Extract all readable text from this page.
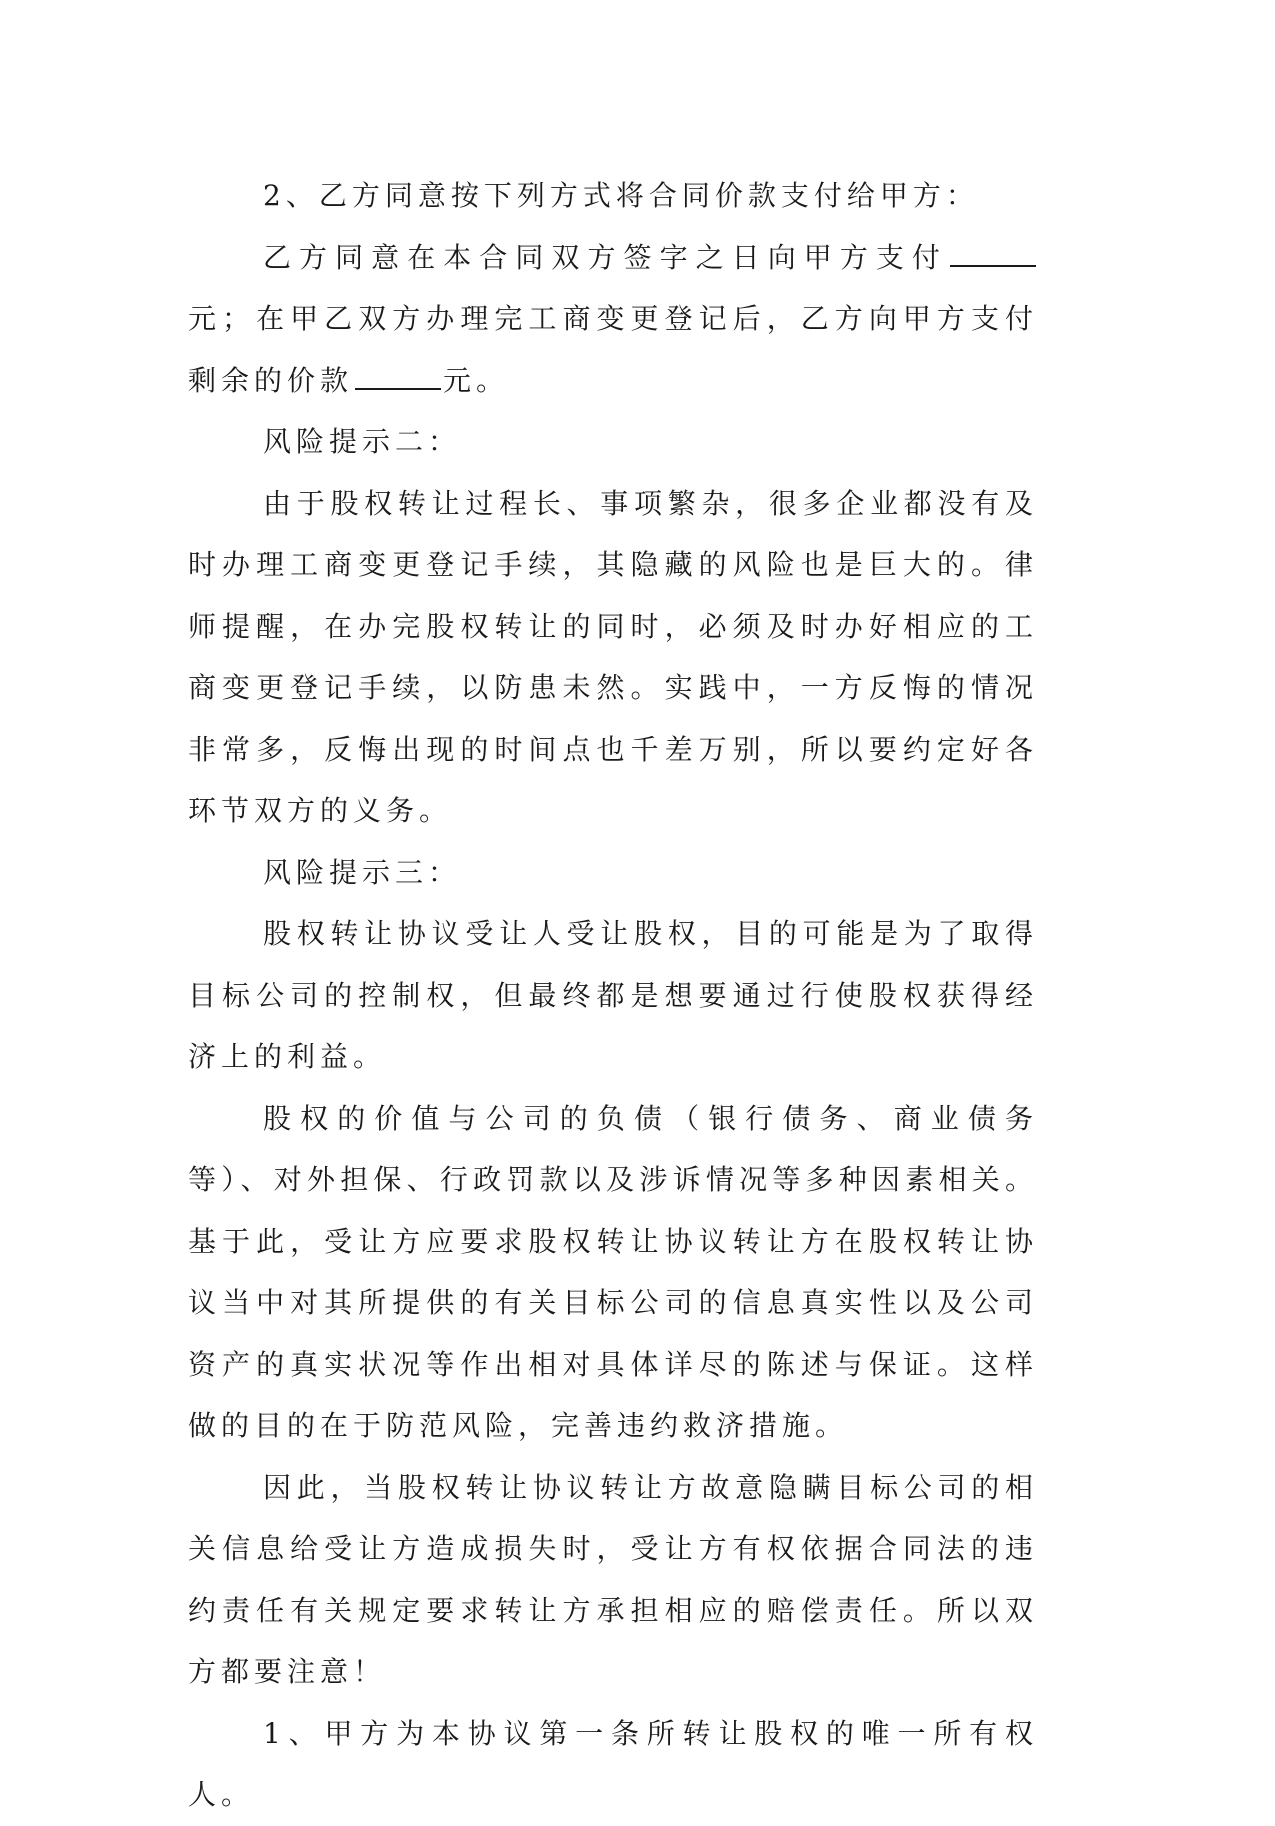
2、乙方同意按下列方式将合同价款支付给甲方：

乙方同意在本合同双方签字之日向甲方支付元；在甲乙双方办理完工商变更登记后，乙方向甲方支付剩余的价款	元。

风险提示二：

由于股权转让过程长、事项繁杂，很多企业都没有及时办理工商变更登记手续，其隐藏的风险也是巨大的。律师提醒，在办完股权转让的同时，必须及时办好相应的工商变更登记手续，以防患未然。实践中，一方反悔的情况非常多，反悔出现的时间点也千差万别，所以要约定好各环节双方的义务。

风险提示三：

股权转让协议受让人受让股权，目的可能是为了取得目标公司的控制权，但最终都是想要通过行使股权获得经济上的利益。

股权的价值与公司的负债（银行债务、商业债务等）、对外担保、行政罚款以及涉诉情况等多种因素相关。基于此，受让方应要求股权转让协议转让方在股权转让协议当中对其所提供的有关目标公司的信息真实性以及公司资产的真实状况等作出相对具体详尽的陈述与保证。这样做的目的在于防范风险，完善违约救济措施。

因此，当股权转让协议转让方故意隐瞒目标公司的相关信息给受让方造成损失时，受让方有权依据合同法的违约责任有关规定要求转让方承担相应的赔偿责任。所以双方都要注意！

1、甲方为本协议第一条所转让股权的唯一所有权人。
